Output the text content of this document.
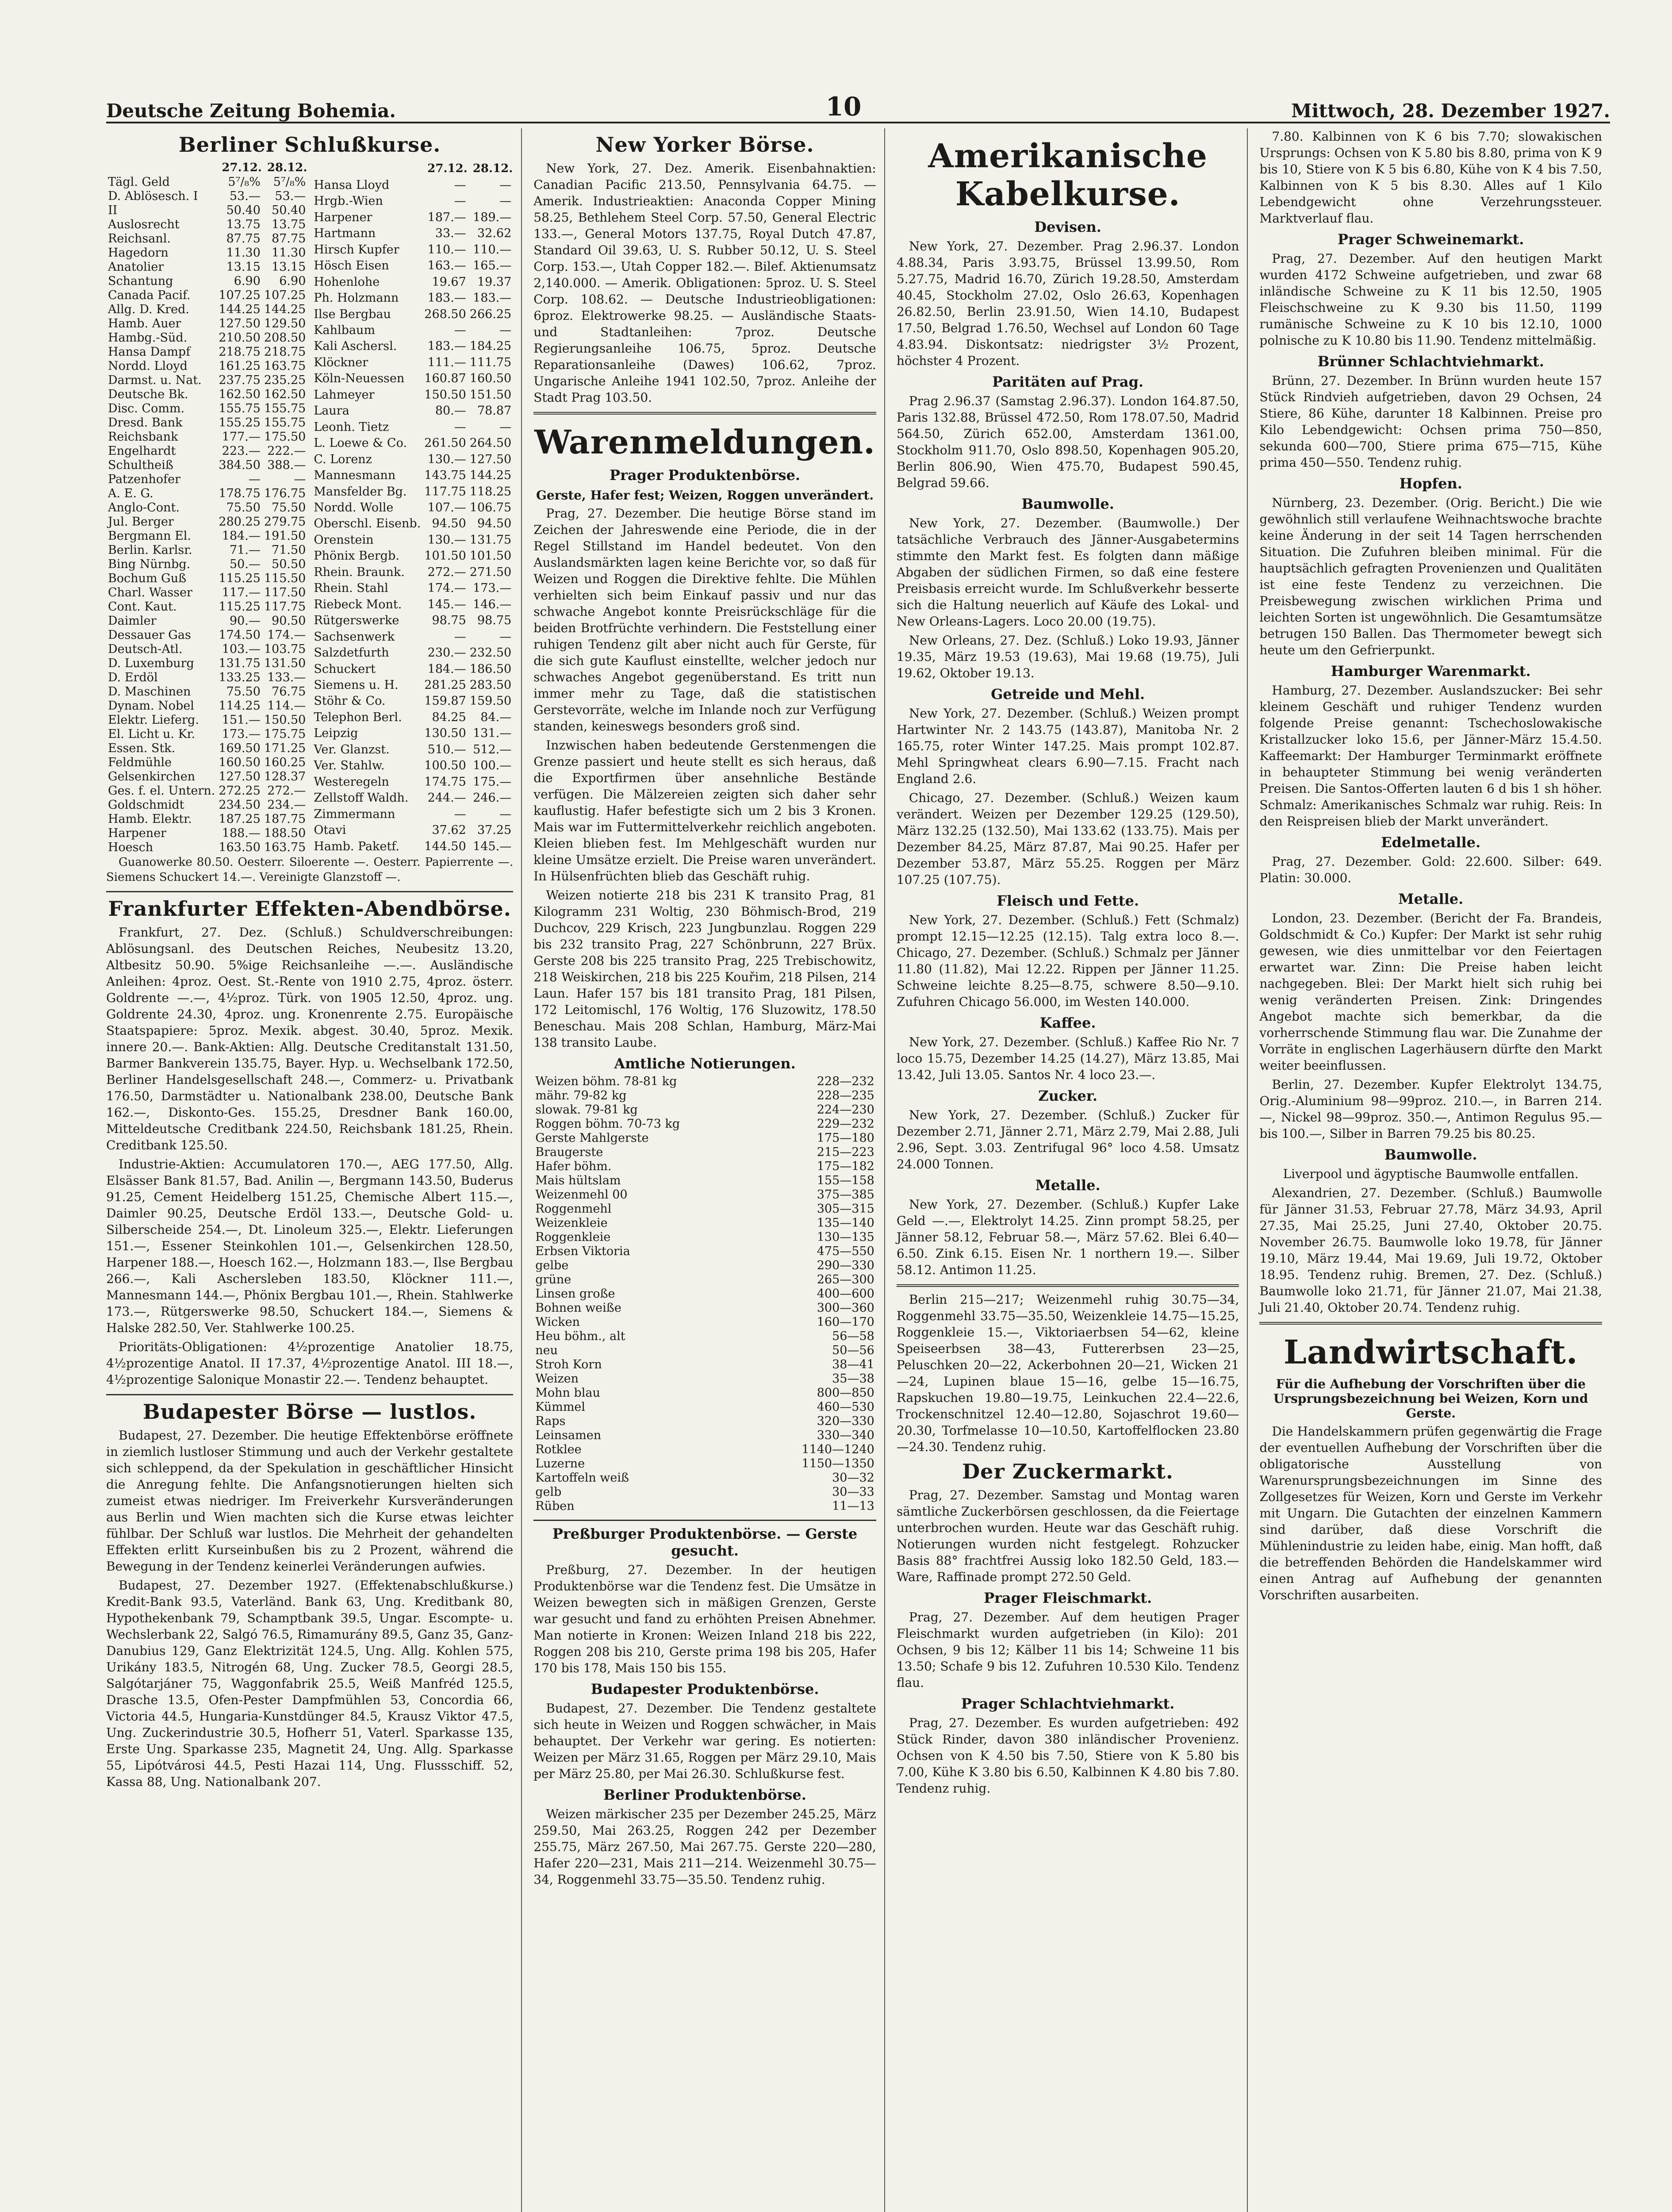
Deutsche Zeitung Bohemia.	10	Mittwoch, 28. Dezember 1927.
Berliner Schlußkurse.
	27.12.	28.12.
Tägl. Geld	5⁷/₈%	5⁷/₈%
D. Ablösesch. I	53.—	53.—
II	50.40	50.40
Auslosrecht	13.75	13.75
Reichsanl.	87.75	87.75
Hagedorn	11.30	11.30
Anatolier	13.15	13.15
Schantung	6.90	6.90
Canada Pacif.	107.25	107.25
Allg. D. Kred.	144.25	144.25
Hamb. Auer	127.50	129.50
Hambg.-Süd.	210.50	208.50
Hansa Dampf	218.75	218.75
Nordd. Lloyd	161.25	163.75
Darmst. u. Nat.	237.75	235.25
Deutsche Bk.	162.50	162.50
Disc. Comm.	155.75	155.75
Dresd. Bank	155.25	155.75
Reichsbank	177.—	175.50
Engelhardt	223.—	222.—
Schultheiß	384.50	388.—
Patzenhofer	—	—
A. E. G.	178.75	176.75
Anglo-Cont.	75.50	75.50
Jul. Berger	280.25	279.75
Bergmann El.	184.—	191.50
Berlin. Karlsr.	71.—	71.50
Bing Nürnbg.	50.—	50.50
Bochum Guß	115.25	115.50
Charl. Wasser	117.—	117.50
Cont. Kaut.	115.25	117.75
Daimler	90.—	90.50
Dessauer Gas	174.50	174.—
Deutsch-Atl.	103.—	103.75
D. Luxemburg	131.75	131.50
D. Erdöl	133.25	133.—
D. Maschinen	75.50	76.75
Dynam. Nobel	114.25	114.—
Elektr. Lieferg.	151.—	150.50
El. Licht u. Kr.	173.—	175.75
Essen. Stk.	169.50	171.25
Feldmühle	160.50	160.25
Gelsenkirchen	127.50	128.37
Ges. f. el. Untern.	272.25	272.—
Goldschmidt	234.50	234.—
Hamb. Elektr.	187.25	187.75
Harpener	188.—	188.50
Hoesch	163.50	163.75
	27.12.	28.12.
Hansa Lloyd	—	—
Hrgb.-Wien	—	—
Harpener	187.—	189.—
Hartmann	33.—	32.62
Hirsch Kupfer	110.—	110.—
Hösch Eisen	163.—	165.—
Hohenlohe	19.67	19.37
Ph. Holzmann	183.—	183.—
Ilse Bergbau	268.50	266.25
Kahlbaum	—	—
Kali Aschersl.	183.—	184.25
Klöckner	111.—	111.75
Köln-Neuessen	160.87	160.50
Lahmeyer	150.50	151.50
Laura	80.—	78.87
Leonh. Tietz	—	—
L. Loewe & Co.	261.50	264.50
C. Lorenz	130.—	127.50
Mannesmann	143.75	144.25
Mansfelder Bg.	117.75	118.25
Nordd. Wolle	107.—	106.75
Oberschl. Eisenb.	94.50	94.50
Orenstein	130.—	131.75
Phönix Bergb.	101.50	101.50
Rhein. Braunk.	272.—	271.50
Rhein. Stahl	174.—	173.—
Riebeck Mont.	145.—	146.—
Rütgerswerke	98.75	98.75
Sachsenwerk	—	—
Salzdetfurth	230.—	232.50
Schuckert	184.—	186.50
Siemens u. H.	281.25	283.50
Stöhr & Co.	159.87	159.50
Telephon Berl.	84.25	84.—
Leipzig	130.50	131.—
Ver. Glanzst.	510.—	512.—
Ver. Stahlw.	100.50	100.—
Westeregeln	174.75	175.—
Zellstoff Waldh.	244.—	246.—
Zimmermann	—	—
Otavi	37.62	37.25
Hamb. Paketf.	144.50	145.—

Guanowerke 80.50. Oesterr. Siloerente —. Oesterr. Papierrente —. Siemens Schuckert 14.—. Vereinigte Glanzstoff —.

Frankfurter Effekten-Abendbörse.

Frankfurt, 27. Dez. (Schluß.) Schuldverschreibungen: Ablösungsanl. des Deutschen Reiches, Neubesitz 13.20, Altbesitz 50.90. 5%ige Reichsanleihe —.—. Ausländische Anleihen: 4proz. Oest. St.-Rente von 1910 2.75, 4proz. österr. Goldrente —.—, 4½proz. Türk. von 1905 12.50, 4proz. ung. Goldrente 24.30, 4proz. ung. Kronenrente 2.75. Europäische Staatspapiere: 5proz. Mexik. abgest. 30.40, 5proz. Mexik. innere 20.—. Bank-Aktien: Allg. Deutsche Creditanstalt 131.50, Barmer Bankverein 135.75, Bayer. Hyp. u. Wechselbank 172.50, Berliner Handelsgesellschaft 248.—, Commerz- u. Privatbank 176.50, Darmstädter u. Nationalbank 238.00, Deutsche Bank 162.—, Diskonto-Ges. 155.25, Dresdner Bank 160.00, Mitteldeutsche Creditbank 224.50, Reichsbank 181.25, Rhein. Creditbank 125.50.

Industrie-Aktien: Accumulatoren 170.—, AEG 177.50, Allg. Elsässer Bank 81.57, Bad. Anilin —, Bergmann 143.50, Buderus 91.25, Cement Heidelberg 151.25, Chemische Albert 115.—, Daimler 90.25, Deutsche Erdöl 133.—, Deutsche Gold- u. Silberscheide 254.—, Dt. Linoleum 325.—, Elektr. Lieferungen 151.—, Essener Steinkohlen 101.—, Gelsenkirchen 128.50, Harpener 188.—, Hoesch 162.—, Holzmann 183.—, Ilse Bergbau 266.—, Kali Aschersleben 183.50, Klöckner 111.—, Mannesmann 144.—, Phönix Bergbau 101.—, Rhein. Stahlwerke 173.—, Rütgerswerke 98.50, Schuckert 184.—, Siemens & Halske 282.50, Ver. Stahlwerke 100.25.

Prioritäts-Obligationen: 4½prozentige Anatolier 18.75, 4½prozentige Anatol. II 17.37, 4½prozentige Anatol. III 18.—, 4½prozentige Salonique Monastir 22.—. Tendenz behauptet.

Budapester Börse — lustlos.

Budapest, 27. Dezember. Die heutige Effektenbörse eröffnete in ziemlich lustloser Stimmung und auch der Verkehr gestaltete sich schleppend, da der Spekulation in geschäftlicher Hinsicht die Anregung fehlte. Die Anfangsnotierungen hielten sich zumeist etwas niedriger. Im Freiverkehr Kursveränderungen aus Berlin und Wien machten sich die Kurse etwas leichter fühlbar. Der Schluß war lustlos. Die Mehrheit der gehandelten Effekten erlitt Kurseinbußen bis zu 2 Prozent, während die Bewegung in der Tendenz keinerlei Veränderungen aufwies.

Budapest, 27. Dezember 1927. (Effektenabschlußkurse.) Kredit-Bank 93.5, Vaterländ. Bank 63, Ung. Kreditbank 80, Hypothekenbank 79, Schamptbank 39.5, Ungar. Escompte- u. Wechslerbank 22, Salgó 76.5, Rimamurány 89.5, Ganz 35, Ganz-Danubius 129, Ganz Elektrizität 124.5, Ung. Allg. Kohlen 575, Urikány 183.5, Nitrogén 68, Ung. Zucker 78.5, Georgi 28.5, Salgótarjáner 75, Waggonfabrik 25.5, Weiß Manfréd 125.5, Drasche 13.5, Ofen-Pester Dampfmühlen 53, Concordia 66, Victoria 44.5, Hungaria-Kunstdünger 84.5, Krausz Viktor 47.5, Ung. Zuckerindustrie 30.5, Hofherr 51, Vaterl. Sparkasse 135, Erste Ung. Sparkasse 235, Magnetit 24, Ung. Allg. Sparkasse 55, Lipótvárosi 44.5, Pesti Hazai 114, Ung. Flussschiff. 52, Kassa 88, Ung. Nationalbank 207.

New Yorker Börse.

New York, 27. Dez. Amerik. Eisenbahnaktien: Canadian Pacific 213.50, Pennsylvania 64.75. — Amerik. Industrieaktien: Anaconda Copper Mining 58.25, Bethlehem Steel Corp. 57.50, General Electric 133.—, General Motors 137.75, Royal Dutch 47.87, Standard Oil 39.63, U. S. Rubber 50.12, U. S. Steel Corp. 153.—, Utah Copper 182.—. Bilef. Aktienumsatz 2,140.000. — Amerik. Obligationen: 5proz. U. S. Steel Corp. 108.62. — Deutsche Industrieobligationen: 6proz. Elektrowerke 98.25. — Ausländische Staats- und Stadtanleihen: 7proz. Deutsche Regierungsanleihe 106.75, 5proz. Deutsche Reparationsanleihe (Dawes) 106.62, 7proz. Ungarische Anleihe 1941 102.50, 7proz. Anleihe der Stadt Prag 103.50.

Warenmeldungen.
Prager Produktenbörse.
Gerste, Hafer fest; Weizen, Roggen unverändert.

Prag, 27. Dezember. Die heutige Börse stand im Zeichen der Jahreswende eine Periode, die in der Regel Stillstand im Handel bedeutet. Von den Auslandsmärkten lagen keine Berichte vor, so daß für Weizen und Roggen die Direktive fehlte. Die Mühlen verhielten sich beim Einkauf passiv und nur das schwache Angebot konnte Preisrückschläge für die beiden Brotfrüchte verhindern. Die Feststellung einer ruhigen Tendenz gilt aber nicht auch für Gerste, für die sich gute Kauflust einstellte, welcher jedoch nur schwaches Angebot gegenüberstand. Es tritt nun immer mehr zu Tage, daß die statistischen Gerstevorräte, welche im Inlande noch zur Verfügung standen, keineswegs besonders groß sind.

Inzwischen haben bedeutende Gerstenmengen die Grenze passiert und heute stellt es sich heraus, daß die Exportfirmen über ansehnliche Bestände verfügen. Die Mälzereien zeigten sich daher sehr kauflustig. Hafer befestigte sich um 2 bis 3 Kronen. Mais war im Futtermittelverkehr reichlich angeboten. Kleien blieben fest. Im Mehlgeschäft wurden nur kleine Umsätze erzielt. Die Preise waren unverändert. In Hülsenfrüchten blieb das Geschäft ruhig.

Weizen notierte 218 bis 231 K transito Prag, 81 Kilogramm 231 Woltig, 230 Böhmisch-Brod, 219 Duchcov, 229 Krisch, 223 Jungbunzlau. Roggen 229 bis 232 transito Prag, 227 Schönbrunn, 227 Brüx. Gerste 208 bis 225 transito Prag, 225 Trebischowitz, 218 Weiskirchen, 218 bis 225 Kouřim, 218 Pilsen, 214 Laun. Hafer 157 bis 181 transito Prag, 181 Pilsen, 172 Leitomischl, 176 Woltig, 176 Sluzowitz, 178.50 Beneschau. Mais 208 Schlan, Hamburg, März-Mai 138 transito Laube.

Amtliche Notierungen.
Weizen böhm. 78-81 kg	228—232
mähr. 79-82 kg	228—235
slowak. 79-81 kg	224—230
Roggen böhm. 70-73 kg	229—232
Gerste Mahlgerste	175—180
Braugerste	215—223
Hafer böhm.	175—182
Mais hültslam	155—158
Weizenmehl 00	375—385
Roggenmehl	305—315
Weizenkleie	135—140
Roggenkleie	130—135
Erbsen Viktoria	475—550
gelbe	290—330
grüne	265—300
Linsen große	400—600
Bohnen weiße	300—360
Wicken	160—170
Heu böhm., alt	56—58
neu	50—56
Stroh Korn	38—41
Weizen	35—38
Mohn blau	800—850
Kümmel	460—530
Raps	320—330
Leinsamen	330—340
Rotklee	1140—1240
Luzerne	1150—1350
Kartoffeln weiß	30—32
gelb	30—33
Rüben	11—13
Preßburger Produktenbörse. — Gerste gesucht.

Preßburg, 27. Dezember. In der heutigen Produktenbörse war die Tendenz fest. Die Umsätze in Weizen bewegten sich in mäßigen Grenzen, Gerste war gesucht und fand zu erhöhten Preisen Abnehmer. Man notierte in Kronen: Weizen Inland 218 bis 222, Roggen 208 bis 210, Gerste prima 198 bis 205, Hafer 170 bis 178, Mais 150 bis 155.

Budapester Produktenbörse.

Budapest, 27. Dezember. Die Tendenz gestaltete sich heute in Weizen und Roggen schwächer, in Mais behauptet. Der Verkehr war gering. Es notierten: Weizen per März 31.65, Roggen per März 29.10, Mais per März 25.80, per Mai 26.30. Schlußkurse fest.

Berliner Produktenbörse.

Weizen märkischer 235 per Dezember 245.25, März 259.50, Mai 263.25, Roggen 242 per Dezember 255.75, März 267.50, Mai 267.75. Gerste 220—280, Hafer 220—231, Mais 211—214. Weizenmehl 30.75—34, Roggenmehl 33.75—35.50. Tendenz ruhig.

Amerikanische Kabelkurse.
Devisen.

New York, 27. Dezember. Prag 2.96.37. London 4.88.34, Paris 3.93.75, Brüssel 13.99.50, Rom 5.27.75, Madrid 16.70, Zürich 19.28.50, Amsterdam 40.45, Stockholm 27.02, Oslo 26.63, Kopenhagen 26.82.50, Berlin 23.91.50, Wien 14.10, Budapest 17.50, Belgrad 1.76.50, Wechsel auf London 60 Tage 4.83.94. Diskontsatz: niedrigster 3½ Prozent, höchster 4 Prozent.

Paritäten auf Prag.

Prag 2.96.37 (Samstag 2.96.37). London 164.87.50, Paris 132.88, Brüssel 472.50, Rom 178.07.50, Madrid 564.50, Zürich 652.00, Amsterdam 1361.00, Stockholm 911.70, Oslo 898.50, Kopenhagen 905.20, Berlin 806.90, Wien 475.70, Budapest 590.45, Belgrad 59.66.

Baumwolle.

New York, 27. Dezember. (Baumwolle.) Der tatsächliche Verbrauch des Jänner-Ausgabetermins stimmte den Markt fest. Es folgten dann mäßige Abgaben der südlichen Firmen, so daß eine festere Preisbasis erreicht wurde. Im Schlußverkehr besserte sich die Haltung neuerlich auf Käufe des Lokal- und New Orleans-Lagers. Loco 20.00 (19.75).

New Orleans, 27. Dez. (Schluß.) Loko 19.93, Jänner 19.35, März 19.53 (19.63), Mai 19.68 (19.75), Juli 19.62, Oktober 19.13.

Getreide und Mehl.

New York, 27. Dezember. (Schluß.) Weizen prompt Hartwinter Nr. 2 143.75 (143.87), Manitoba Nr. 2 165.75, roter Winter 147.25. Mais prompt 102.87. Mehl Springwheat clears 6.90—7.15. Fracht nach England 2.6.

Chicago, 27. Dezember. (Schluß.) Weizen kaum verändert. Weizen per Dezember 129.25 (129.50), März 132.25 (132.50), Mai 133.62 (133.75). Mais per Dezember 84.25, März 87.87, Mai 90.25. Hafer per Dezember 53.87, März 55.25. Roggen per März 107.25 (107.75).

Fleisch und Fette.

New York, 27. Dezember. (Schluß.) Fett (Schmalz) prompt 12.15—12.25 (12.15). Talg extra loco 8.—. Chicago, 27. Dezember. (Schluß.) Schmalz per Jänner 11.80 (11.82), Mai 12.22. Rippen per Jänner 11.25. Schweine leichte 8.25—8.75, schwere 8.50—9.10. Zufuhren Chicago 56.000, im Westen 140.000.

Kaffee.

New York, 27. Dezember. (Schluß.) Kaffee Rio Nr. 7 loco 15.75, Dezember 14.25 (14.27), März 13.85, Mai 13.42, Juli 13.05. Santos Nr. 4 loco 23.—.

Zucker.

New York, 27. Dezember. (Schluß.) Zucker für Dezember 2.71, Jänner 2.71, März 2.79, Mai 2.88, Juli 2.96, Sept. 3.03. Zentrifugal 96° loco 4.58. Umsatz 24.000 Tonnen.

Metalle.

New York, 27. Dezember. (Schluß.) Kupfer Lake Geld —.—, Elektrolyt 14.25. Zinn prompt 58.25, per Jänner 58.12, Februar 58.—, März 57.62. Blei 6.40—6.50. Zink 6.15. Eisen Nr. 1 northern 19.—. Silber 58.12. Antimon 11.25.

Berlin 215—217; Weizenmehl ruhig 30.75—34, Roggenmehl 33.75—35.50, Weizenkleie 14.75—15.25, Roggenkleie 15.—, Viktoriaerbsen 54—62, kleine Speiseerbsen 38—43, Futtererbsen 23—25, Peluschken 20—22, Ackerbohnen 20—21, Wicken 21—24, Lupinen blaue 15—16, gelbe 15—16.75, Rapskuchen 19.80—19.75, Leinkuchen 22.4—22.6, Trockenschnitzel 12.40—12.80, Sojaschrot 19.60—20.30, Torfmelasse 10—10.50, Kartoffelflocken 23.80—24.30. Tendenz ruhig.

Der Zuckermarkt.

Prag, 27. Dezember. Samstag und Montag waren sämtliche Zuckerbörsen geschlossen, da die Feiertage unterbrochen wurden. Heute war das Geschäft ruhig. Notierungen wurden nicht festgelegt. Rohzucker Basis 88° frachtfrei Aussig loko 182.50 Geld, 183.— Ware, Raffinade prompt 272.50 Geld.

Prager Fleischmarkt.

Prag, 27. Dezember. Auf dem heutigen Prager Fleischmarkt wurden aufgetrieben (in Kilo): 201 Ochsen, 9 bis 12; Kälber 11 bis 14; Schweine 11 bis 13.50; Schafe 9 bis 12. Zufuhren 10.530 Kilo. Tendenz flau.

Prager Schlachtviehmarkt.

Prag, 27. Dezember. Es wurden aufgetrieben: 492 Stück Rinder, davon 380 inländischer Provenienz. Ochsen von K 4.50 bis 7.50, Stiere von K 5.80 bis 7.00, Kühe K 3.80 bis 6.50, Kalbinnen K 4.80 bis 7.80. Tendenz ruhig.

7.80. Kalbinnen von K 6 bis 7.70; slowakischen Ursprungs: Ochsen von K 5.80 bis 8.80, prima von K 9 bis 10, Stiere von K 5 bis 6.80, Kühe von K 4 bis 7.50, Kalbinnen von K 5 bis 8.30. Alles auf 1 Kilo Lebendgewicht ohne Verzehrungssteuer. Marktverlauf flau.

Prager Schweinemarkt.

Prag, 27. Dezember. Auf den heutigen Markt wurden 4172 Schweine aufgetrieben, und zwar 68 inländische Schweine zu K 11 bis 12.50, 1905 Fleischschweine zu K 9.30 bis 11.50, 1199 rumänische Schweine zu K 10 bis 12.10, 1000 polnische zu K 10.80 bis 11.90. Tendenz mittelmäßig.

Brünner Schlachtviehmarkt.

Brünn, 27. Dezember. In Brünn wurden heute 157 Stück Rindvieh aufgetrieben, davon 29 Ochsen, 24 Stiere, 86 Kühe, darunter 18 Kalbinnen. Preise pro Kilo Lebendgewicht: Ochsen prima 750—850, sekunda 600—700, Stiere prima 675—715, Kühe prima 450—550. Tendenz ruhig.

Hopfen.

Nürnberg, 23. Dezember. (Orig. Bericht.) Die wie gewöhnlich still verlaufene Weihnachtswoche brachte keine Änderung in der seit 14 Tagen herrschenden Situation. Die Zufuhren bleiben minimal. Für die hauptsächlich gefragten Provenienzen und Qualitäten ist eine feste Tendenz zu verzeichnen. Die Preisbewegung zwischen wirklichen Prima und leichten Sorten ist ungewöhnlich. Die Gesamtumsätze betrugen 150 Ballen. Das Thermometer bewegt sich heute um den Gefrierpunkt.

Hamburger Warenmarkt.

Hamburg, 27. Dezember. Auslandszucker: Bei sehr kleinem Geschäft und ruhiger Tendenz wurden folgende Preise genannt: Tschechoslowakische Kristallzucker loko 15.6, per Jänner-März 15.4.50. Kaffeemarkt: Der Hamburger Terminmarkt eröffnete in behaupteter Stimmung bei wenig veränderten Preisen. Die Santos-Offerten lauten 6 d bis 1 sh höher. Schmalz: Amerikanisches Schmalz war ruhig. Reis: In den Reispreisen blieb der Markt unverändert.

Edelmetalle.

Prag, 27. Dezember. Gold: 22.600. Silber: 649. Platin: 30.000.

Metalle.

London, 23. Dezember. (Bericht der Fa. Brandeis, Goldschmidt & Co.) Kupfer: Der Markt ist sehr ruhig gewesen, wie dies unmittelbar vor den Feiertagen erwartet war. Zinn: Die Preise haben leicht nachgegeben. Blei: Der Markt hielt sich ruhig bei wenig veränderten Preisen. Zink: Dringendes Angebot machte sich bemerkbar, da die vorherrschende Stimmung flau war. Die Zunahme der Vorräte in englischen Lagerhäusern dürfte den Markt weiter beeinflussen.

Berlin, 27. Dezember. Kupfer Elektrolyt 134.75, Orig.-Aluminium 98—99proz. 210.—, in Barren 214.—, Nickel 98—99proz. 350.—, Antimon Regulus 95.— bis 100.—, Silber in Barren 79.25 bis 80.25.

Baumwolle.

Liverpool und ägyptische Baumwolle entfallen.

Alexandrien, 27. Dezember. (Schluß.) Baumwolle für Jänner 31.53, Februar 27.78, März 34.93, April 27.35, Mai 25.25, Juni 27.40, Oktober 20.75. November 26.75. Baumwolle loko 19.78, für Jänner 19.10, März 19.44, Mai 19.69, Juli 19.72, Oktober 18.95. Tendenz ruhig. Bremen, 27. Dez. (Schluß.) Baumwolle loko 21.71, für Jänner 21.07, Mai 21.38, Juli 21.40, Oktober 20.74. Tendenz ruhig.

Landwirtschaft.
Für die Aufhebung der Vorschriften über die Ursprungsbezeichnung bei Weizen, Korn und Gerste.

Die Handelskammern prüfen gegenwärtig die Frage der eventuellen Aufhebung der Vorschriften über die obligatorische Ausstellung von Warenursprungsbezeichnungen im Sinne des Zollgesetzes für Weizen, Korn und Gerste im Verkehr mit Ungarn. Die Gutachten der einzelnen Kammern sind darüber, daß diese Vorschrift die Mühlenindustrie zu leiden habe, einig. Man hofft, daß die betreffenden Behörden die Handelskammer wird einen Antrag auf Aufhebung der genannten Vorschriften ausarbeiten.
